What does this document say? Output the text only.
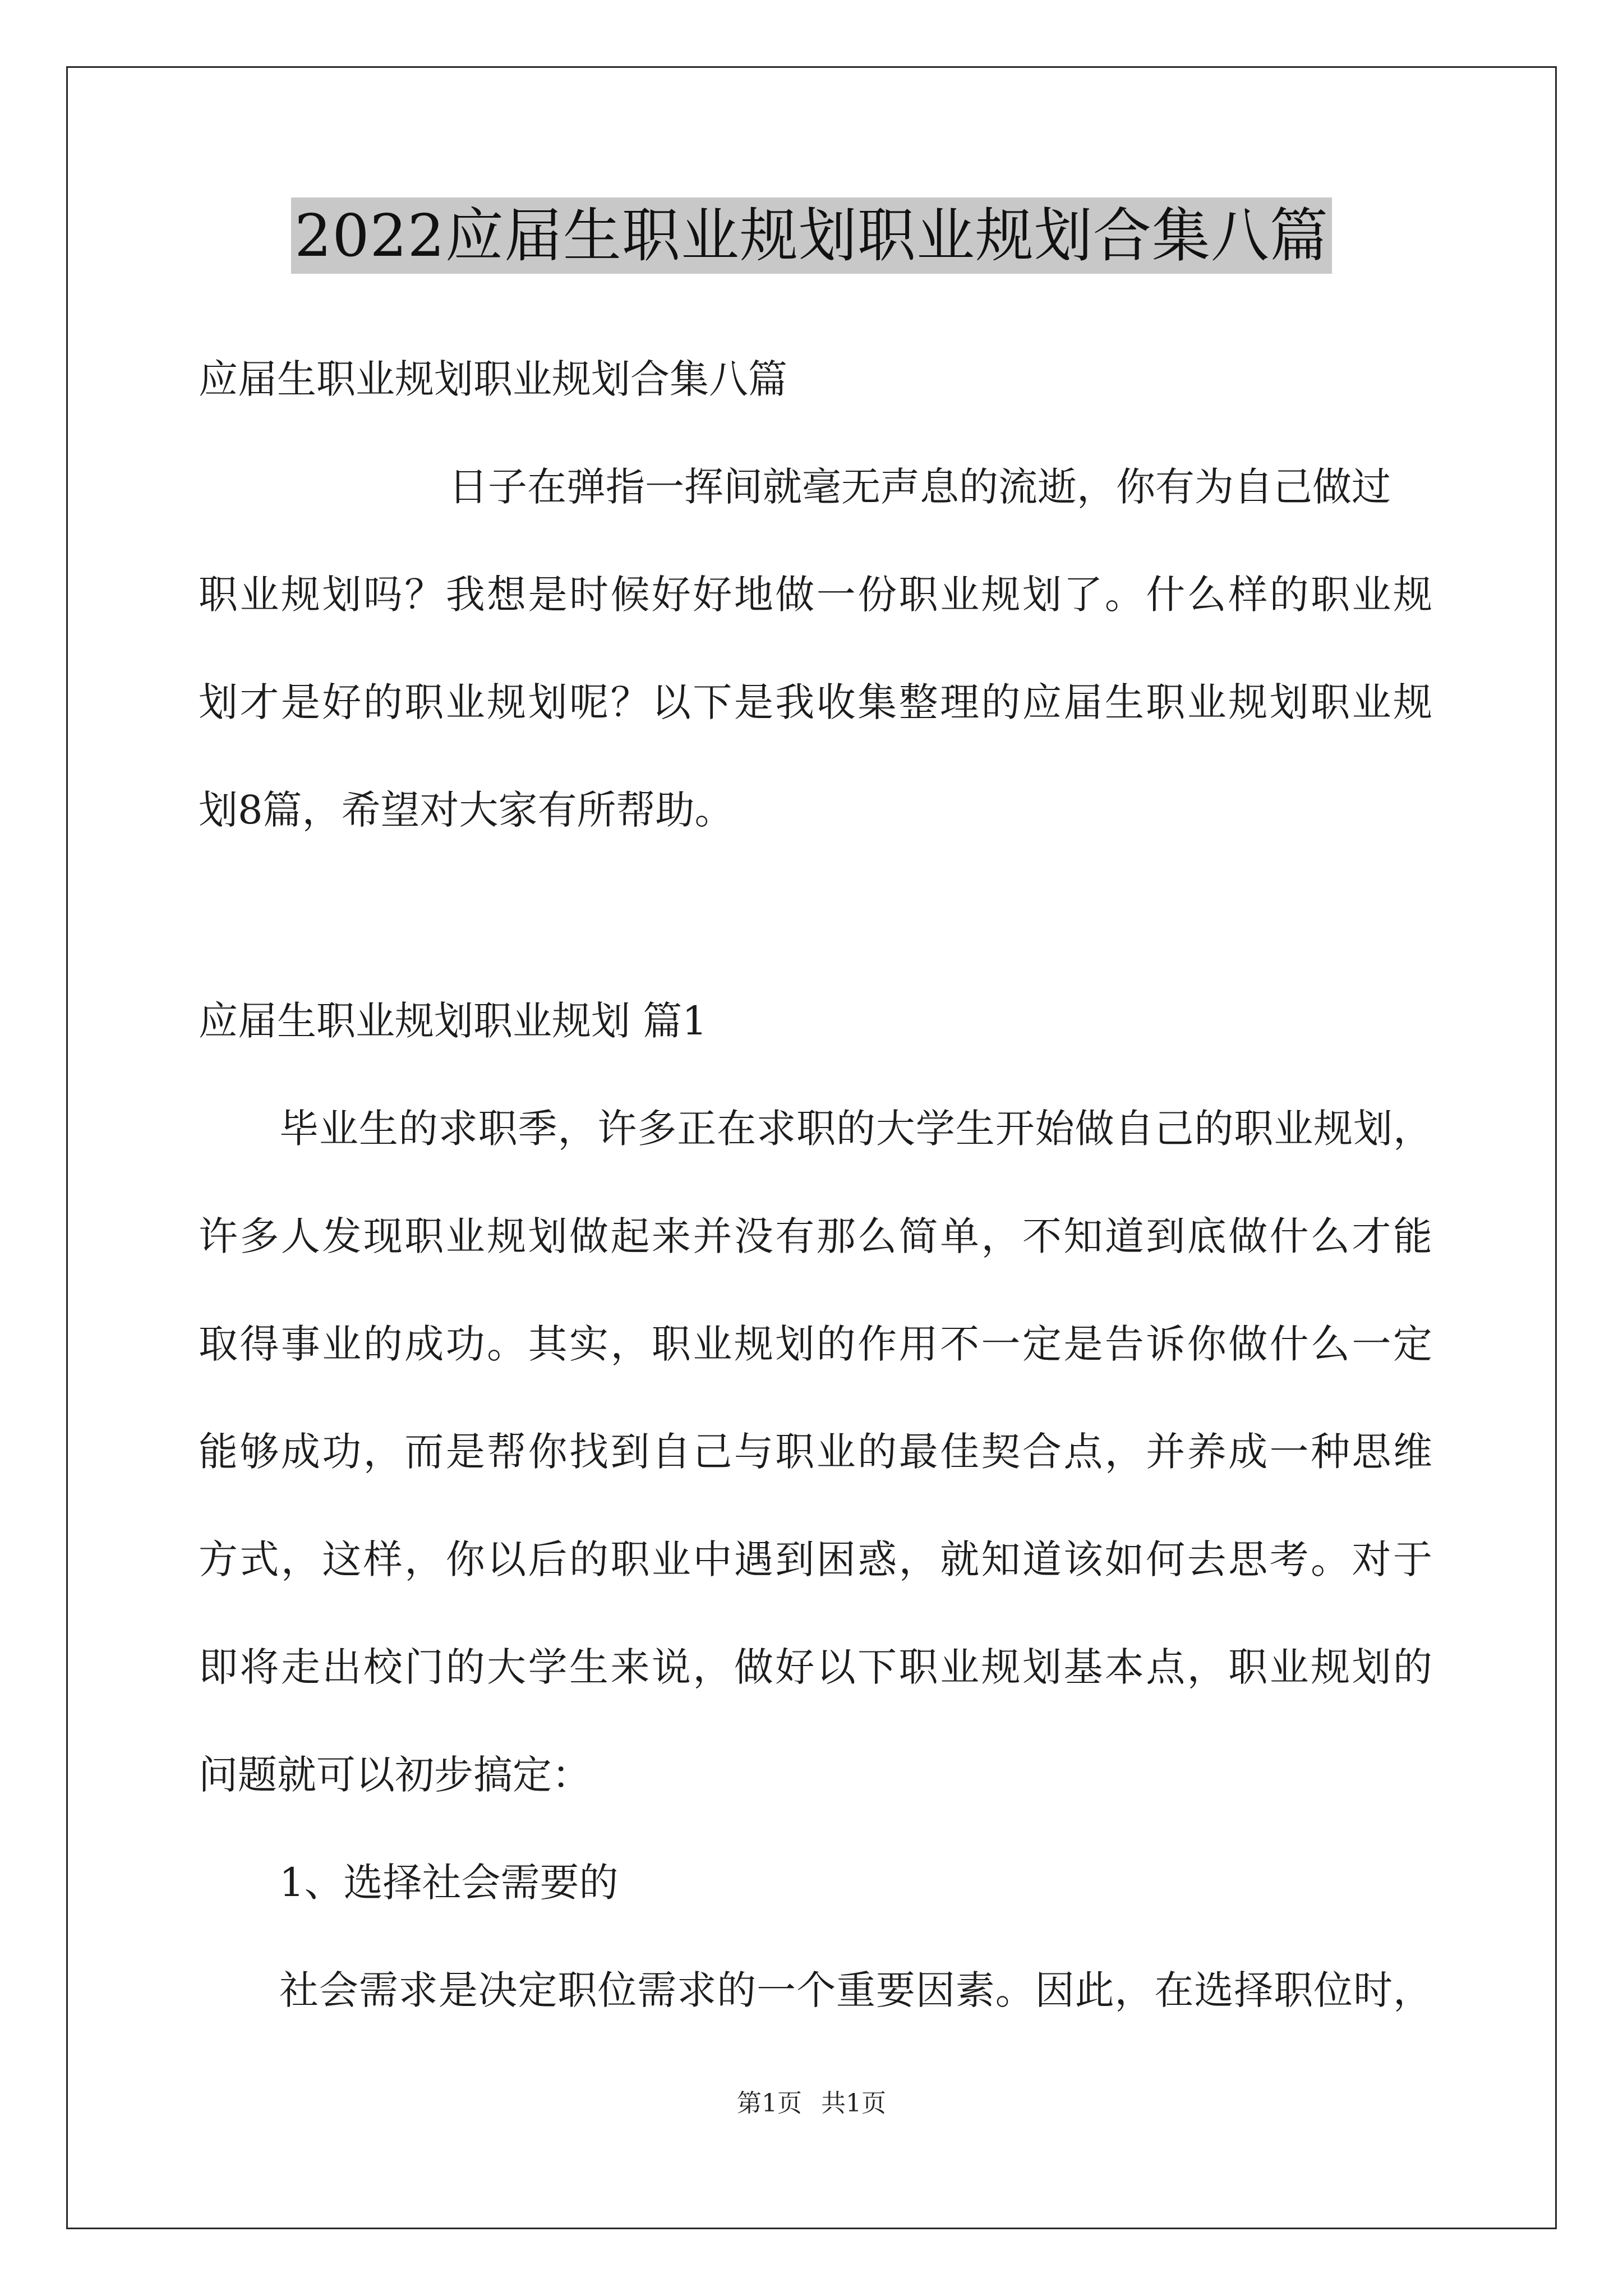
2022应届生职业规划职业规划合集八篇
应届生职业规划职业规划合集八篇
日子在弹指一挥间就毫无声息的流逝，你有为自己做过
职业规划吗？我想是时候好好地做一份职业规划了。什么样的职业规
划才是好的职业规划呢？以下是我收集整理的应届生职业规划职业规
划8篇，希望对大家有所帮助。
应届生职业规划职业规划 篇1
毕业生的求职季，许多正在求职的大学生开始做自己的职业规划，
许多人发现职业规划做起来并没有那么简单，不知道到底做什么才能
取得事业的成功。其实，职业规划的作用不一定是告诉你做什么一定
能够成功，而是帮你找到自己与职业的最佳契合点，并养成一种思维
方式，这样，你以后的职业中遇到困惑，就知道该如何去思考。对于
即将走出校门的大学生来说，做好以下职业规划基本点，职业规划的
问题就可以初步搞定：
1、选择社会需要的
社会需求是决定职位需求的一个重要因素。因此，在选择职位时，
第1页 共1页
